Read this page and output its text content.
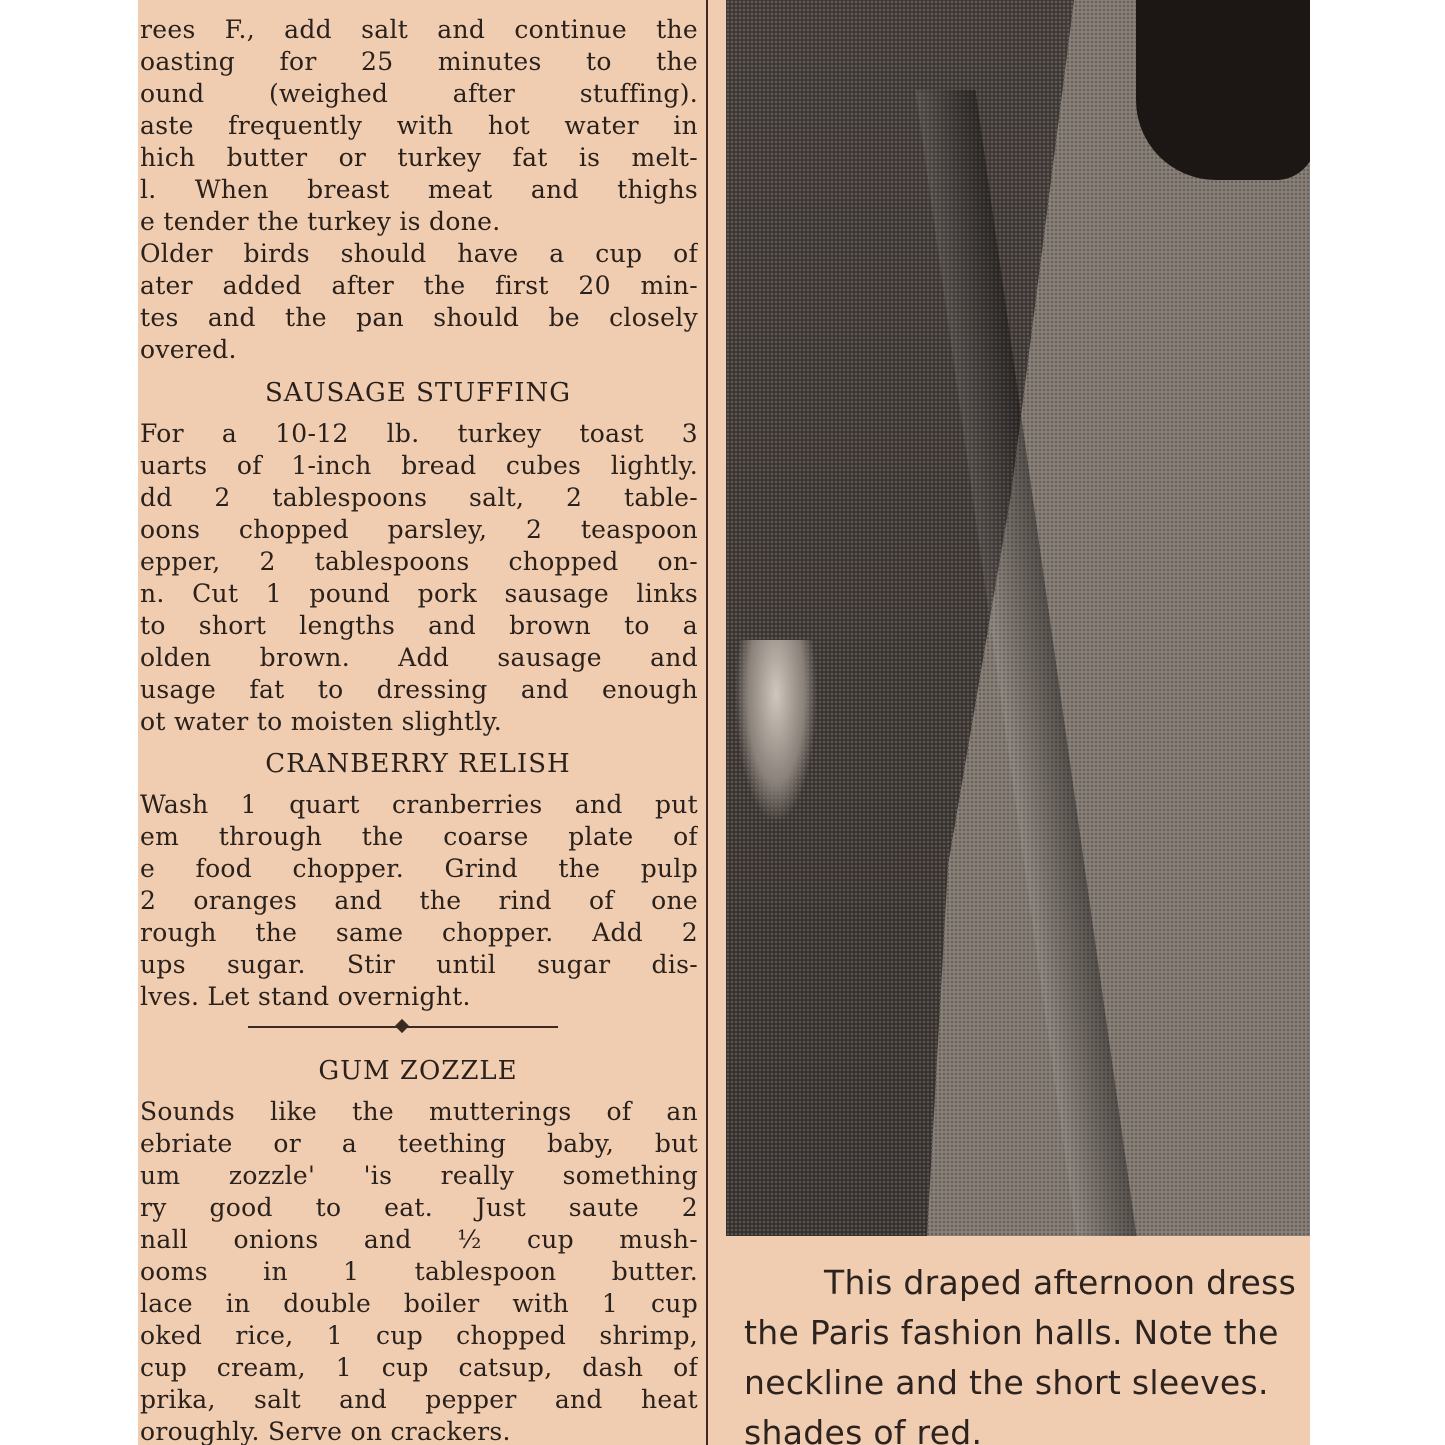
rees F., add salt and continue the
oasting for 25 minutes to the
ound (weighed after stuffing).
aste frequently with hot water in
hich butter or turkey fat is melt-
l. When breast meat and thighs
e tender the turkey is done.
Older birds should have a cup of
ater added after the first 20 min-
tes and the pan should be closely
overed.
SAUSAGE STUFFING
For a 10-12 lb. turkey toast 3
uarts of 1-inch bread cubes lightly.
dd 2 tablespoons salt, 2 table-
oons chopped parsley, 2 teaspoon
epper, 2 tablespoons chopped on-
n. Cut 1 pound pork sausage links
to short lengths and brown to a
olden brown. Add sausage and
usage fat to dressing and enough
ot water to moisten slightly.
CRANBERRY RELISH
Wash 1 quart cranberries and put
em through the coarse plate of
e food chopper. Grind the pulp
2 oranges and the rind of one
rough the same chopper. Add 2
ups sugar. Stir until sugar dis-
lves. Let stand overnight.
GUM ZOZZLE
Sounds like the mutterings of an
ebriate or a teething baby, but
um zozzle' 'is really something
ry good to eat. Just saute 2
nall onions and ½ cup mush-
ooms in 1 tablespoon butter.
lace in double boiler with 1 cup
oked rice, 1 cup chopped shrimp,
cup cream, 1 cup catsup, dash of
prika, salt and pepper and heat
oroughly. Serve on crackers.
This draped afternoon dress
the Paris fashion halls. Note the
neckline and the short sleeves.
shades of red.
